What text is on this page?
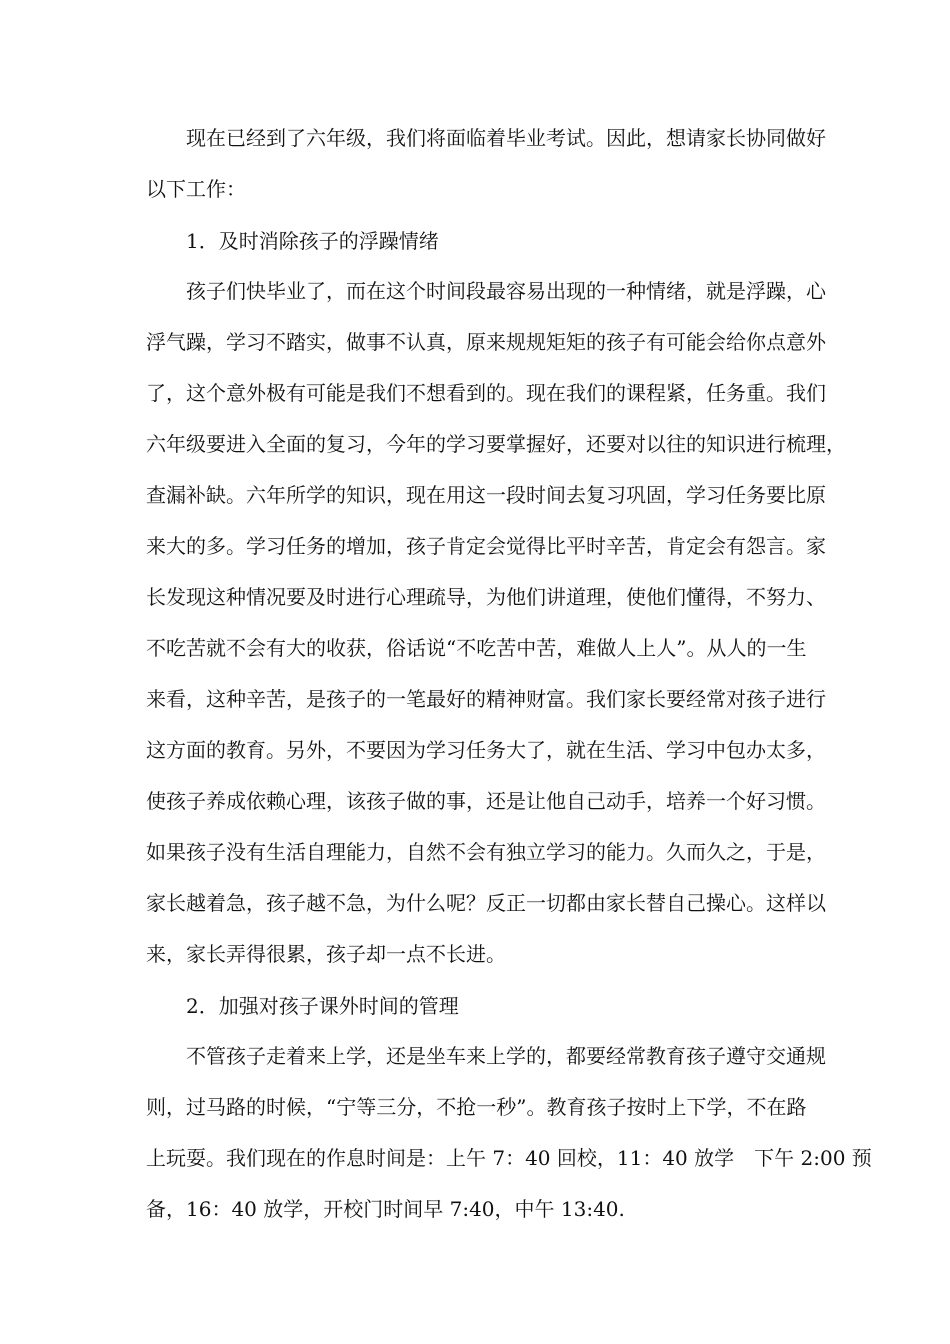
现在已经到了六年级，我们将面临着毕业考试。因此，想请家长协同做好
以下工作：
1．及时消除孩子的浮躁情绪
孩子们快毕业了，而在这个时间段最容易出现的一种情绪，就是浮躁，心
浮气躁，学习不踏实，做事不认真，原来规规矩矩的孩子有可能会给你点意外
了，这个意外极有可能是我们不想看到的。现在我们的课程紧，任务重。我们
六年级要进入全面的复习，今年的学习要掌握好，还要对以往的知识进行梳理，
查漏补缺。六年所学的知识，现在用这一段时间去复习巩固，学习任务要比原
来大的多。学习任务的增加，孩子肯定会觉得比平时辛苦，肯定会有怨言。家
长发现这种情况要及时进行心理疏导，为他们讲道理，使他们懂得，不努力、
不吃苦就不会有大的收获，俗话说“不吃苦中苦，难做人上人”。从人的一生
来看，这种辛苦，是孩子的一笔最好的精神财富。我们家长要经常对孩子进行
这方面的教育。另外，不要因为学习任务大了，就在生活、学习中包办太多，
使孩子养成依赖心理，该孩子做的事，还是让他自己动手，培养一个好习惯。
如果孩子没有生活自理能力，自然不会有独立学习的能力。久而久之，于是，
家长越着急，孩子越不急，为什么呢？反正一切都由家长替自己操心。这样以
来，家长弄得很累，孩子却一点不长进。
2．加强对孩子课外时间的管理
不管孩子走着来上学，还是坐车来上学的，都要经常教育孩子遵守交通规
则，过马路的时候，“宁等三分，不抢一秒”。教育孩子按时上下学，不在路
上玩耍。我们现在的作息时间是：上午 7：40 回校，11：40 放学　下午 2:00 预
备，16：40 放学，开校门时间早 7:40，中午 13:40.
